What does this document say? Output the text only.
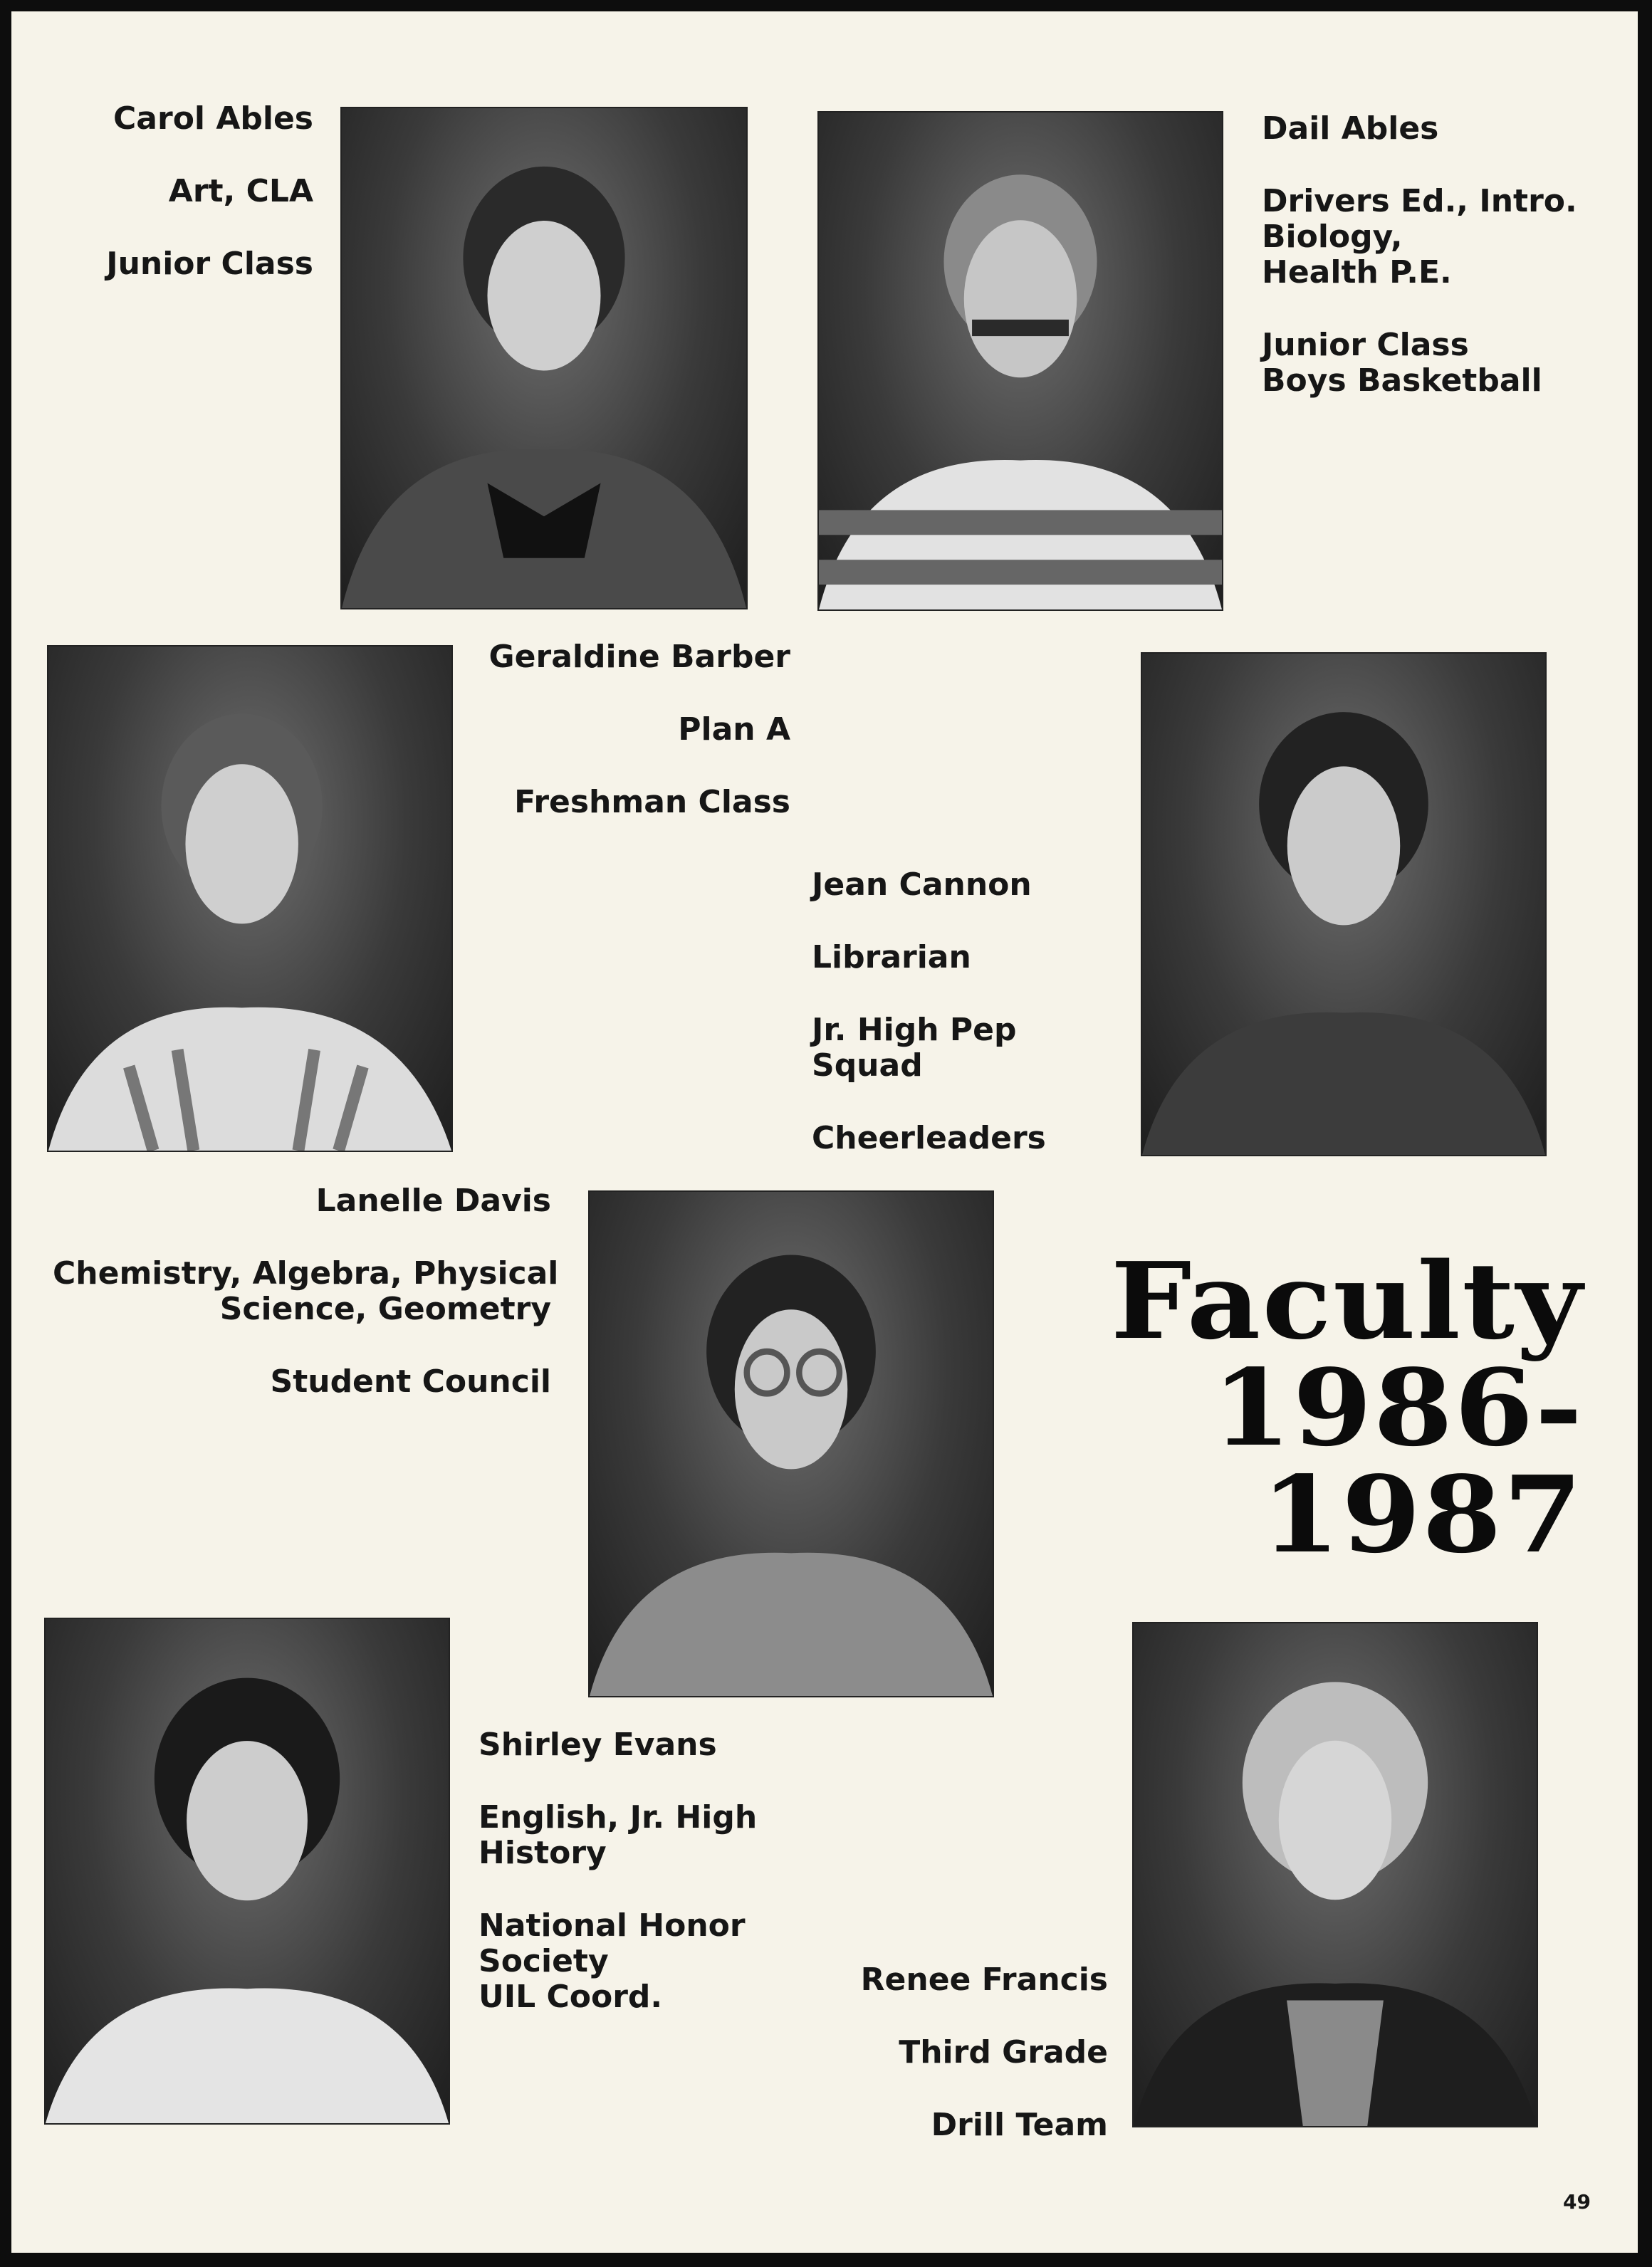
Carol Ables
Art, CLA
Junior Class
Dail Ables
Drivers Ed., Intro.
Biology,
Health P.E.
Junior Class
Boys Basketball
Geraldine Barber
Plan A
Freshman Class
Jean Cannon
Librarian
Jr. High Pep
Squad
Cheerleaders
Lanelle Davis
Chemistry, Algebra, Physical
Science, Geometry
Student Council
Faculty
1986-
1987
Shirley Evans
English, Jr. High
History
National Honor
Society
UIL Coord.	Renee Francis
Third Grade
Drill Team
49
